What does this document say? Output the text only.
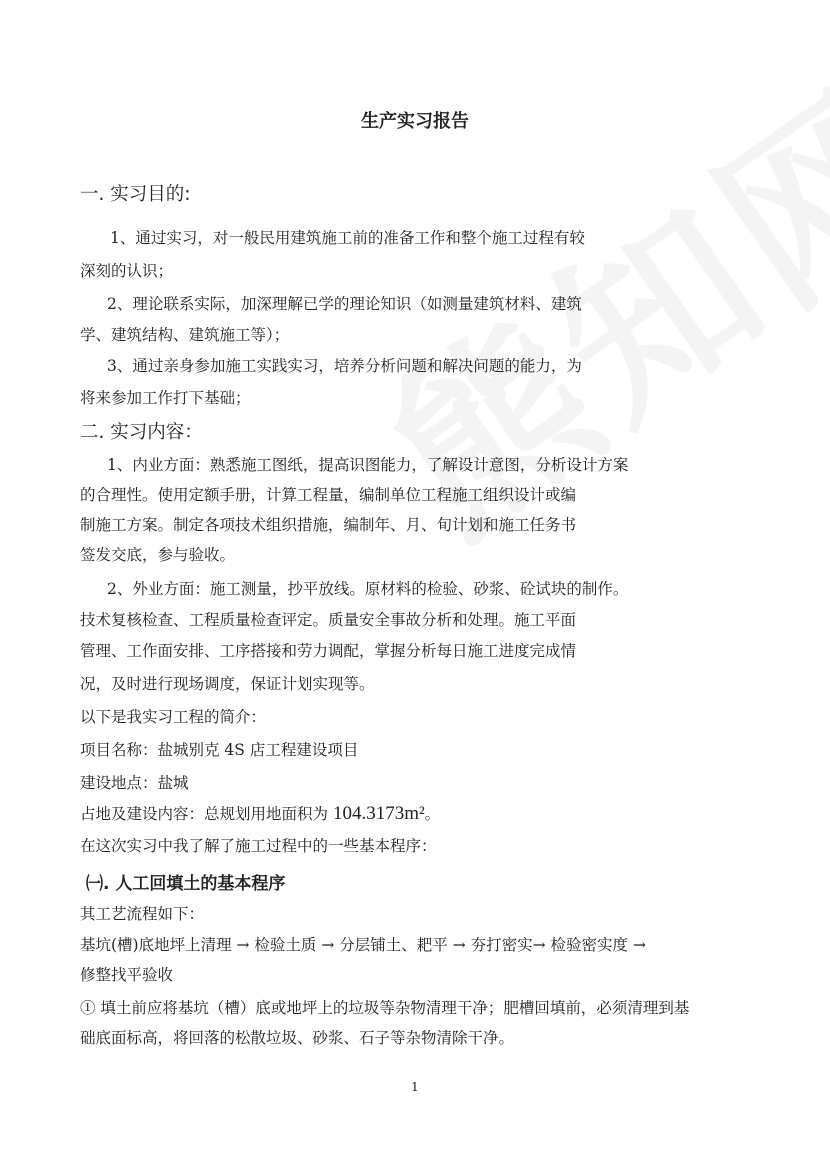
生产实习报告
一. 实习目的:
1、通过实习，对一般民用建筑施工前的准备工作和整个施工过程有较
深刻的认识；
2、理论联系实际，加深理解已学的理论知识（如测量建筑材料、建筑
学、建筑结构、建筑施工等）；
3、通过亲身参加施工实践实习，培养分析问题和解决问题的能力，为
将来参加工作打下基础；
二. 实习内容：
1、内业方面：熟悉施工图纸，提高识图能力，了解设计意图，分析设计方案
的合理性。使用定额手册，计算工程量，编制单位工程施工组织设计或编
制施工方案。制定各项技术组织措施，编制年、月、旬计划和施工任务书
签发交底，参与验收。
2、外业方面：施工测量，抄平放线。原材料的检验、砂浆、砼试块的制作。
技术复核检查、工程质量检查评定。质量安全事故分析和处理。施工平面
管理、工作面安排、工序搭接和劳力调配，掌握分析每日施工进度完成情
况，及时进行现场调度，保证计划实现等。
以下是我实习工程的简介：
项目名称：盐城别克 4S 店工程建设项目
建设地点：盐城
占地及建设内容：总规划用地面积为 104.3173m²。
在这次实习中我了解了施工过程中的一些基本程序：
㈠. 人工回填土的基本程序
其工艺流程如下：
基坑(槽)底地坪上清理 → 检验土质 → 分层铺土、耙平 → 夯打密实→ 检验密实度 →
修整找平验收
① 填土前应将基坑（槽）底或地坪上的垃圾等杂物清理干净；肥槽回填前，必须清理到基
础底面标高，将回落的松散垃圾、砂浆、石子等杂物清除干净。
1
